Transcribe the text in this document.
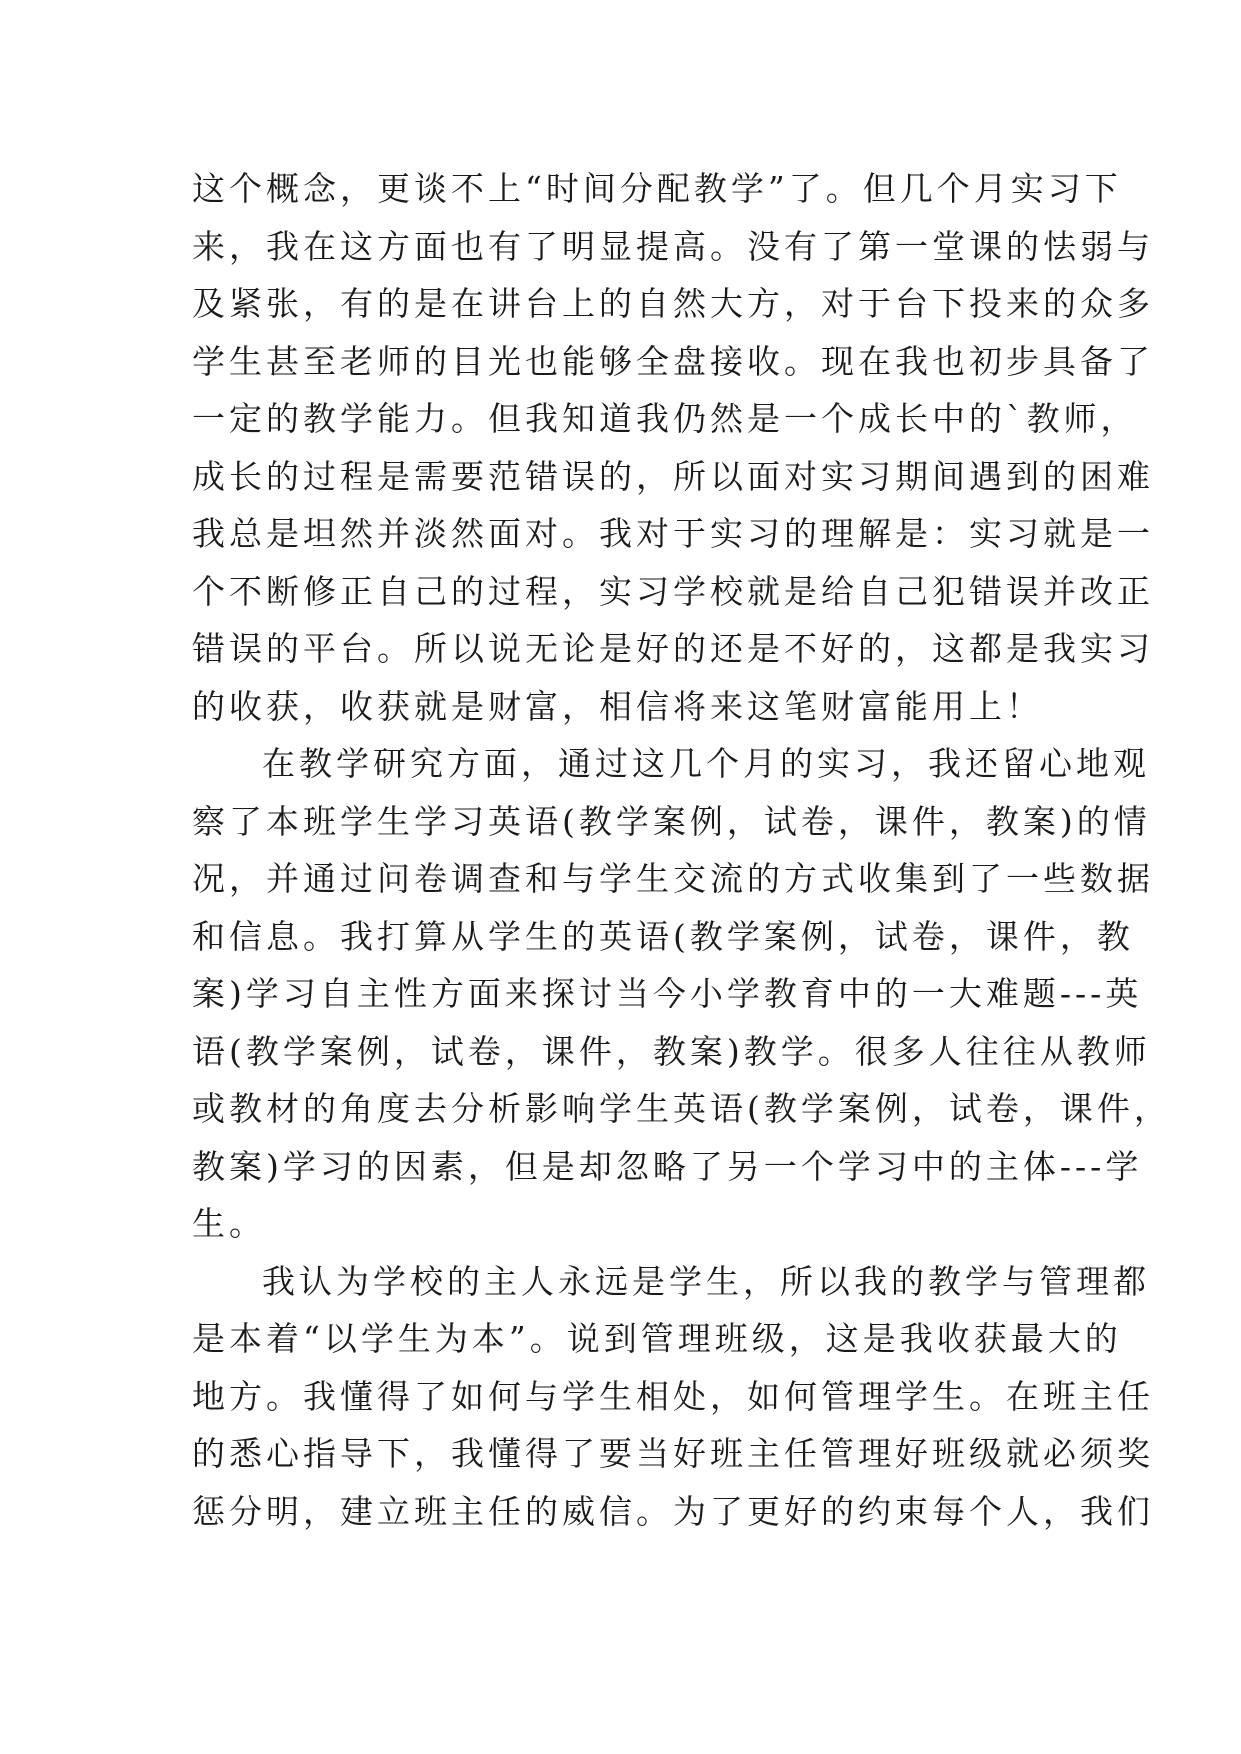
这个概念，更谈不上“时间分配教学”了。但几个月实习下
来，我在这方面也有了明显提高。没有了第一堂课的怯弱与
及紧张，有的是在讲台上的自然大方，对于台下投来的众多
学生甚至老师的目光也能够全盘接收。现在我也初步具备了
一定的教学能力。但我知道我仍然是一个成长中的`教师，
成长的过程是需要范错误的，所以面对实习期间遇到的困难
我总是坦然并淡然面对。我对于实习的理解是：实习就是一
个不断修正自己的过程，实习学校就是给自己犯错误并改正
错误的平台。所以说无论是好的还是不好的，这都是我实习
的收获，收获就是财富，相信将来这笔财富能用上！
在教学研究方面，通过这几个月的实习，我还留心地观
察了本班学生学习英语(教学案例，试卷，课件，教案)的情
况，并通过问卷调查和与学生交流的方式收集到了一些数据
和信息。我打算从学生的英语(教学案例，试卷，课件，教
案)学习自主性方面来探讨当今小学教育中的一大难题---英
语(教学案例，试卷，课件，教案)教学。很多人往往从教师
或教材的角度去分析影响学生英语(教学案例，试卷，课件，
教案)学习的因素，但是却忽略了另一个学习中的主体---学
生。
我认为学校的主人永远是学生，所以我的教学与管理都
是本着“以学生为本”。说到管理班级，这是我收获最大的
地方。我懂得了如何与学生相处，如何管理学生。在班主任
的悉心指导下，我懂得了要当好班主任管理好班级就必须奖
惩分明，建立班主任的威信。为了更好的约束每个人，我们
